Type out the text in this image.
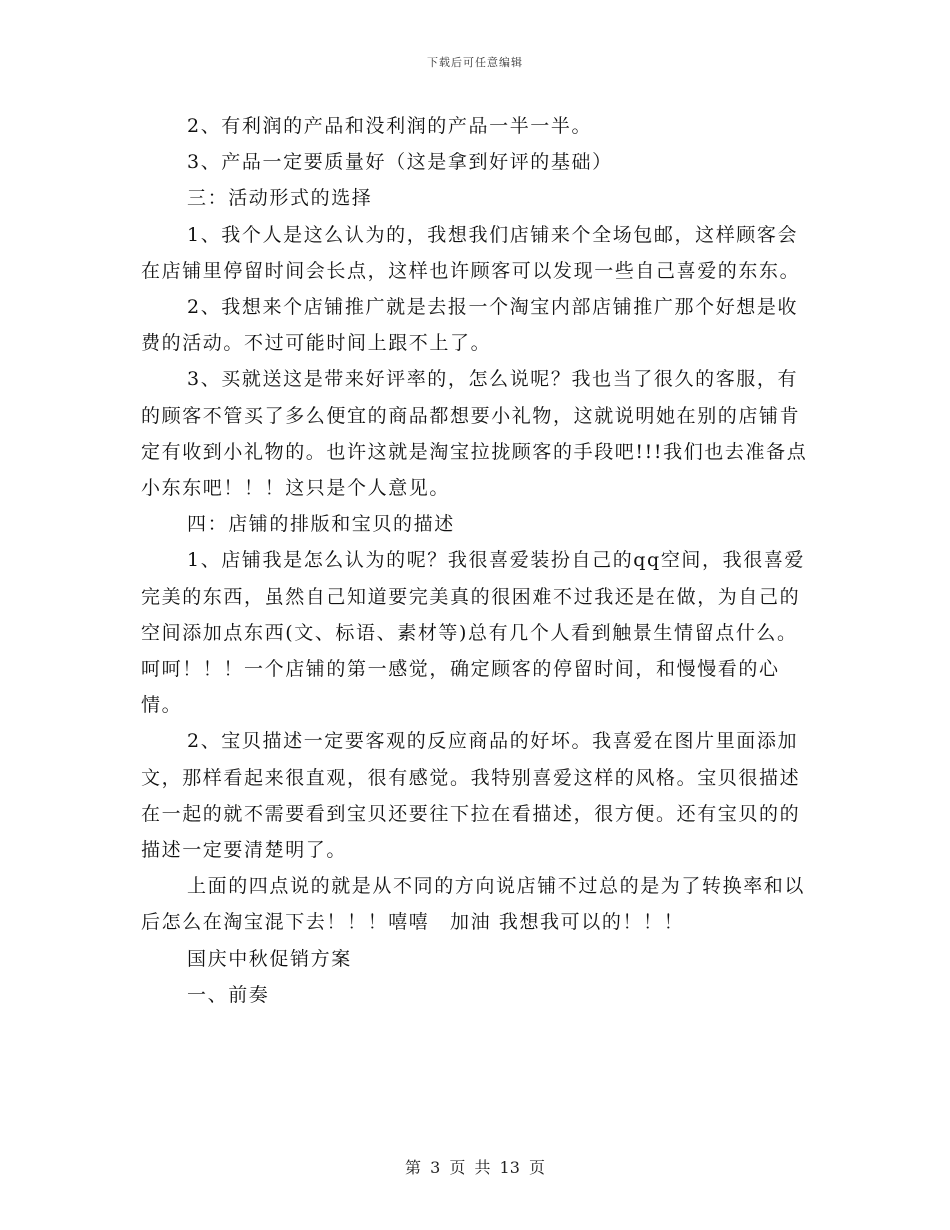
下载后可任意编辑

2、有利润的产品和没利润的产品一半一半。

3、产品一定要质量好（这是拿到好评的基础）

三：活动形式的选择

1、我个人是这么认为的，我想我们店铺来个全场包邮，这样顾客会在店铺里停留时间会长点，这样也许顾客可以发现一些自己喜爱的东东。

2、我想来个店铺推广就是去报一个淘宝内部店铺推广那个好想是收费的活动。不过可能时间上跟不上了。

3、买就送这是带来好评率的，怎么说呢？我也当了很久的客服，有的顾客不管买了多么便宜的商品都想要小礼物，这就说明她在别的店铺肯定有收到小礼物的。也许这就是淘宝拉拢顾客的手段吧!!!我们也去准备点小东东吧！！！这只是个人意见。

四：店铺的排版和宝贝的描述

1、店铺我是怎么认为的呢？我很喜爱装扮自己的qq空间，我很喜爱完美的东西，虽然自己知道要完美真的很困难不过我还是在做，为自己的空间添加点东西(文、标语、素材等)总有几个人看到触景生情留点什么。呵呵！！！一个店铺的第一感觉，确定顾客的停留时间，和慢慢看的心情。

2、宝贝描述一定要客观的反应商品的好坏。我喜爱在图片里面添加文，那样看起来很直观，很有感觉。我特别喜爱这样的风格。宝贝很描述在一起的就不需要看到宝贝还要往下拉在看描述，很方便。还有宝贝的的描述一定要清楚明了。

上面的四点说的就是从不同的方向说店铺不过总的是为了转换率和以后怎么在淘宝混下去！！！嘻嘻　加油 我想我可以的！！！

国庆中秋促销方案

一、前奏

第 3 页 共 13 页
